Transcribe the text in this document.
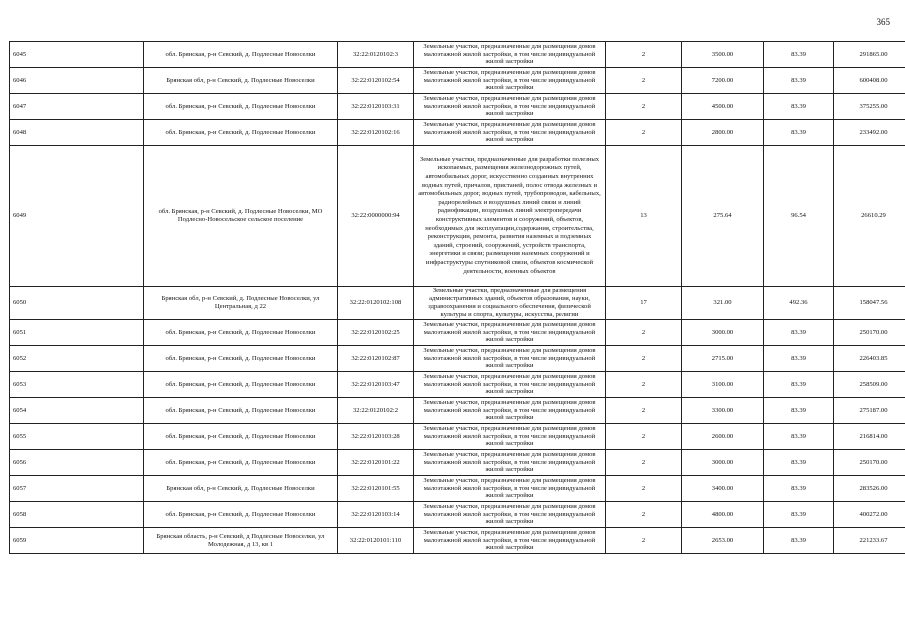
365
6045	обл. Брянская, р-н Севский, д. Подлесные Новоселки	32:22:0120102:3	Земельные участки, предназначенные для размещения домов малоэтажной жилой застройки, в том числе индивидуальной жилой застройки	2	3500.00	83.39	291865.00
6046	Брянская обл, р-н Севский, д. Подлесные Новоселки	32:22:0120102:54	Земельные участки, предназначенные для размещения домов малоэтажной жилой застройки, в том числе индивидуальной жилой застройки	2	7200.00	83.39	600408.00
6047	обл. Брянская, р-н Севский, д. Подлесные Новоселки	32:22:0120103:31	Земельные участки, предназначенные для размещения домов малоэтажной жилой застройки, в том числе индивидуальной жилой застройки	2	4500.00	83.39	375255.00
6048	обл. Брянская, р-н Севский, д. Подлесные Новоселки	32:22:0120102:16	Земельные участки, предназначенные для размещения домов малоэтажной жилой застройки, в том числе индивидуальной жилой застройки	2	2800.00	83.39	233492.00
6049	обл. Брянская, р-н Севский, д. Подлесные Новоселки, МО Подлесно-Новосельское сельское поселение	32:22:0000000:94	Земельные участки, предназначенные для разработки полезных ископаемых, размещения железнодорожных путей, автомобильных дорог, искусственно созданных внутренних водных путей, причалов, пристаней, полос отвода железных и автомобильных дорог, водных путей, трубопроводов, кабельных, радиорелейных и воздушных линий связи и линий радиофикации, воздушных линий электропередачи конструктивных элементов и сооружений, объектов, необходимых для эксплуатации,содержания, строительства, реконструкции, ремонта, развития наземных и подземных зданий, строений, сооружений, устройств транспорта, энергетики и связи; размещения наземных сооружений и инфраструктуры спутниковой связи, объектов космической деятельности, военных объектов	13	275.64	96.54	26610.29
6050	Брянская обл, р-н Севский, д. Подлесные Новоселки, ул Центральная, д 22	32:22:0120102:108	Земельные участки, предназначенные для размещения административных зданий, объектов образования, науки, здравоохранения и социального обеспечения, физической культуры и спорта, культуры, искусства, религии	17	321.00	492.36	158047.56
6051	обл. Брянская, р-н Севский, д. Подлесные Новоселки	32:22:0120102:25	Земельные участки, предназначенные для размещения домов малоэтажной жилой застройки, в том числе индивидуальной жилой застройки	2	3000.00	83.39	250170.00
6052	обл. Брянская, р-н Севский, д. Подлесные Новоселки	32:22:0120102:87	Земельные участки, предназначенные для размещения домов малоэтажной жилой застройки, в том числе индивидуальной жилой застройки	2	2715.00	83.39	226403.85
6053	обл. Брянская, р-н Севский, д. Подлесные Новоселки	32:22:0120103:47	Земельные участки, предназначенные для размещения домов малоэтажной жилой застройки, в том числе индивидуальной жилой застройки	2	3100.00	83.39	258509.00
6054	обл. Брянская, р-н Севский, д. Подлесные Новоселки	32:22:0120102:2	Земельные участки, предназначенные для размещения домов малоэтажной жилой застройки, в том числе индивидуальной жилой застройки	2	3300.00	83.39	275187.00
6055	обл. Брянская, р-н Севский, д. Подлесные Новоселки	32:22:0120103:28	Земельные участки, предназначенные для размещения домов малоэтажной жилой застройки, в том числе индивидуальной жилой застройки	2	2600.00	83.39	216814.00
6056	обл. Брянская, р-н Севский, д. Подлесные Новоселки	32:22:0120101:22	Земельные участки, предназначенные для размещения домов малоэтажной жилой застройки, в том числе индивидуальной жилой застройки	2	3000.00	83.39	250170.00
6057	Брянская обл, р-н Севский, д. Подлесные Новоселки	32:22:0120101:55	Земельные участки, предназначенные для размещения домов малоэтажной жилой застройки, в том числе индивидуальной жилой застройки	2	3400.00	83.39	283526.00
6058	обл. Брянская, р-н Севский, д. Подлесные Новоселки	32:22:0120103:14	Земельные участки, предназначенные для размещения домов малоэтажной жилой застройки, в том числе индивидуальной жилой застройки	2	4800.00	83.39	400272.00
6059	Брянская область, р-н Севский, д Подлесные Новоселки, ул Молодежная, д 13, кв 1	32:22:0120101:110	Земельные участки, предназначенные для размещения домов малоэтажной жилой застройки, в том числе индивидуальной жилой застройки	2	2653.00	83.39	221233.67
